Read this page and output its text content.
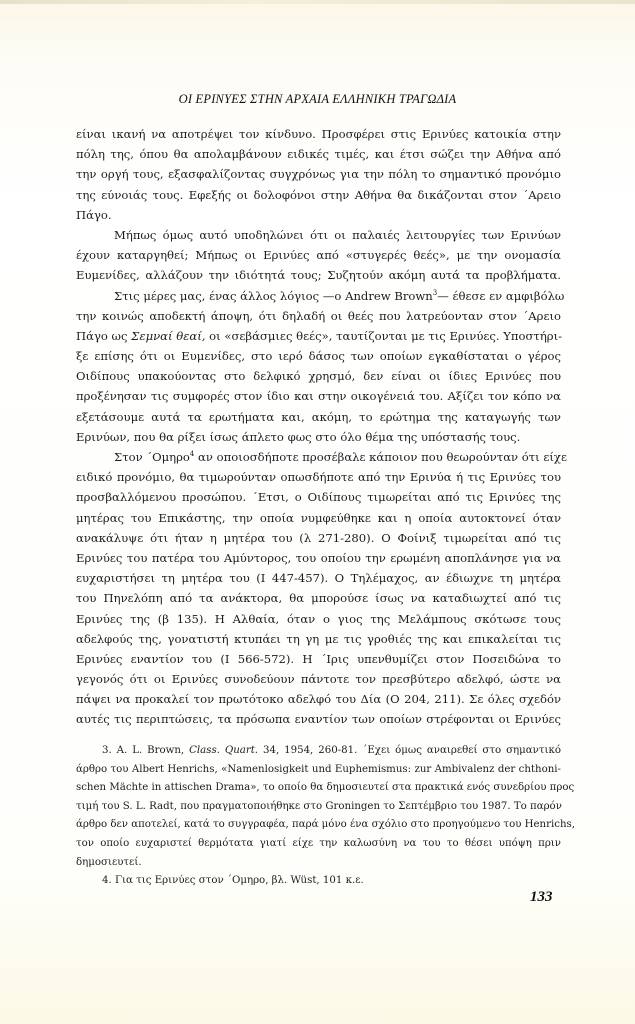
ΟΙ ΕΡΙΝΥΕΣ ΣΤΗΝ ΑΡΧΑΙΑ ΕΛΛΗΝΙΚΗ ΤΡΑΓΩΔΙΑ
είναι ικανή να αποτρέψει τον κίνδυνο. Προσφέρει στις Ερινύες κατοικία στην
πόλη της, όπου θα απολαμβάνουν ειδικές τιμές, και έτσι σώζει την Αθήνα από
την οργή τους, εξασφαλίζοντας συγχρόνως για την πόλη το σημαντικό προνόμιο
της εύνοιάς τους. Εφεξής οι δολοφόνοι στην Αθήνα θα δικάζονται στον ΄Αρειο
Πάγο.
Μήπως όμως αυτό υποδηλώνει ότι οι παλαιές λειτουργίες των Ερινύων
έχουν καταργηθεί; Μήπως οι Ερινύες από «στυγερές θεές», με την ονομασία
Ευμενίδες, αλλάζουν την ιδιότητά τους; Συζητούν ακόμη αυτά τα προβλήματα.
Στις μέρες μας, ένας άλλος λόγιος —ο Andrew Brown$^3$— έθεσε εν αμφιβόλω
την κοινώς αποδεκτή άποψη, ότι δηλαδή οι θεές που λατρεύονταν στον ΄Αρειο
Πάγο ως Σεμναί θεαί, οι «σεβάσμιες θεές», ταυτίζονται με τις Ερινύες. Υποστήρι-
ξε επίσης ότι οι Ευμενίδες, στο ιερό δάσος των οποίων εγκαθίσταται ο γέρος
Οιδίπους υπακούοντας στο δελφικό χρησμό, δεν είναι οι ίδιες Ερινύες που
προξένησαν τις συμφορές στον ίδιο και στην οικογένειά του. Αξίζει τον κόπο να
εξετάσουμε αυτά τα ερωτήματα και, ακόμη, το ερώτημα της καταγωγής των
Ερινύων, που θα ρίξει ίσως άπλετο φως στο όλο θέμα της υπόστασής τους.
Στον ΄Ομηρο$^4$ αν οποιοσδήποτε προσέβαλε κάποιον που θεωρούνταν ότι είχε
ειδικό προνόμιο, θα τιμωρούνταν οπωσδήποτε από την Ερινύα ή τις Ερινύες του
προσβαλλόμενου προσώπου. ΄Ετσι, ο Οιδίπους τιμωρείται από τις Ερινύες της
μητέρας του Επικάστης, την οποία νυμφεύθηκε και η οποία αυτοκτονεί όταν
ανακάλυψε ότι ήταν η μητέρα του (λ 271-280). Ο Φοίνιξ τιμωρείται από τις
Ερινύες του πατέρα του Αμύντορος, του οποίου την ερωμένη αποπλάνησε για να
ευχαριστήσει τη μητέρα του (Ι 447-457). Ο Τηλέμαχος, αν έδιωχνε τη μητέρα
του Πηνελόπη από τα ανάκτορα, θα μπορούσε ίσως να καταδιωχτεί από τις
Ερινύες της (β 135). Η Αλθαία, όταν ο γιος της Μελάμπους σκότωσε τους
αδελφούς της, γονατιστή κτυπάει τη γη με τις γροθιές της και επικαλείται τις
Ερινύες εναντίον του (Ι 566-572). Η ΄Ιρις υπενθυμίζει στον Ποσειδώνα το
γεγονός ότι οι Ερινύες συνοδεύουν πάντοτε τον πρεσβύτερο αδελφό, ώστε να
πάψει να προκαλεί τον πρωτότοκο αδελφό του Δία (Ο 204, 211). Σε όλες σχεδόν
αυτές τις περιπτώσεις, τα πρόσωπα εναντίον των οποίων στρέφονται οι Ερινύες
3. A. L. Brown, Class. Quart. 34, 1954, 260-81. ΄Εχει όμως αναιρεθεί στο σημαντικό
άρθρο του Albert Henrichs, «Namenlosigkeit und Euphemismus: zur Ambivalenz der chthoni-
schen Mächte in attischen Drama», το οποίο θα δημοσιευτεί στα πρακτικά ενός συνεδρίου προς
τιμή του S. L. Radt, που πραγματοποιήθηκε στο Groningen το Σεπτέμβριο του 1987. Το παρόν
άρθρο δεν αποτελεί, κατά το συγγραφέα, παρά μόνο ένα σχόλιο στο προηγούμενο του Henrichs,
τον οποίο ευχαριστεί θερμότατα γιατί είχε την καλωσύνη να του το θέσει υπόψη πριν
δημοσιευτεί.
4. Για τις Ερινύες στον ΄Ομηρο, βλ. Wüst, 101 κ.ε.
133
